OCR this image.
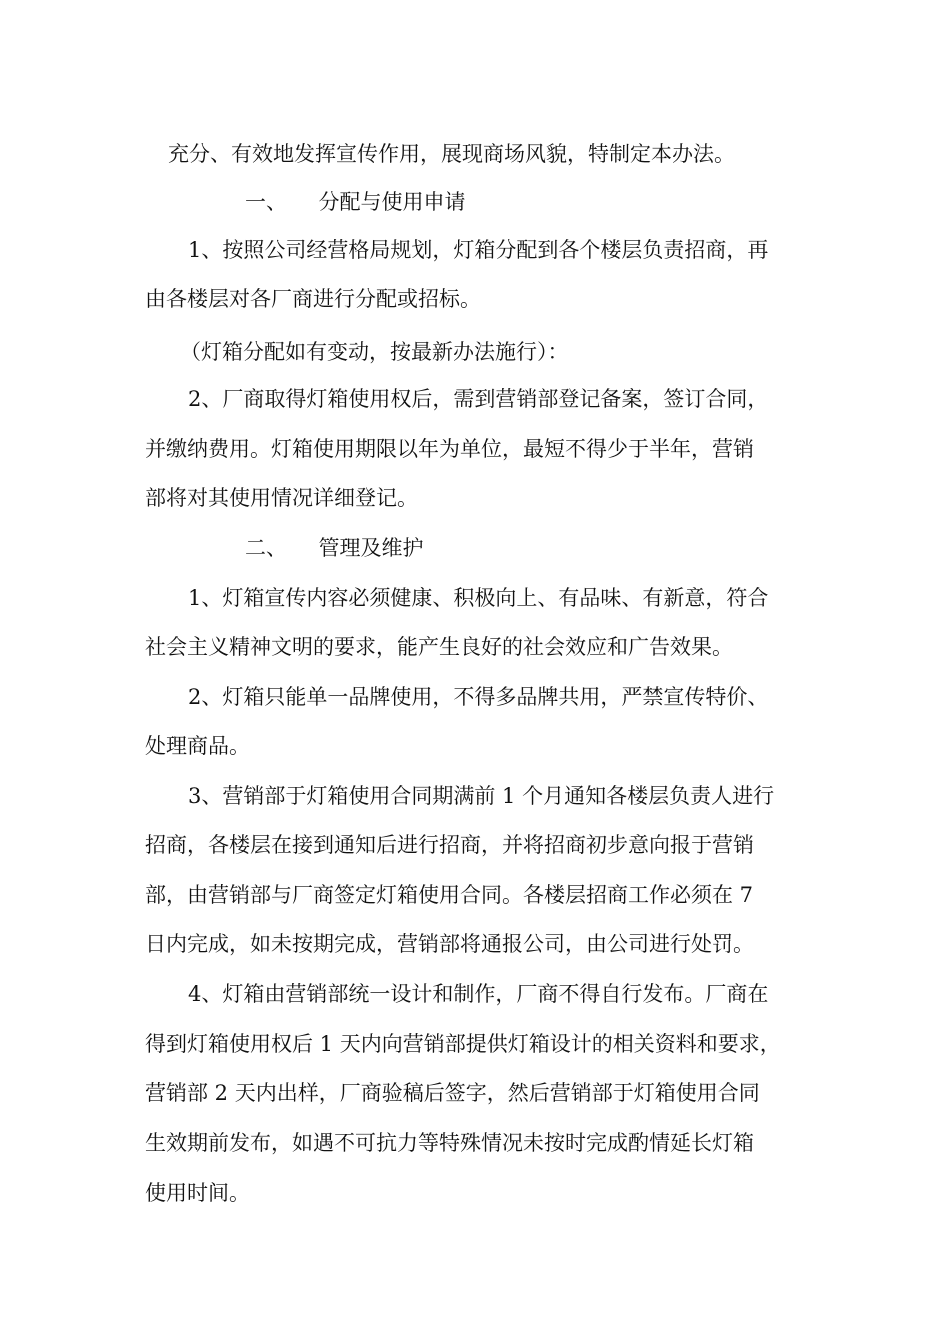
充分、有效地发挥宣传作用，展现商场风貌，特制定本办法。
一、　　分配与使用申请
1、按照公司经营格局规划，灯箱分配到各个楼层负责招商，再
由各楼层对各厂商进行分配或招标。
（灯箱分配如有变动，按最新办法施行）：
2、厂商取得灯箱使用权后，需到营销部登记备案，签订合同，
并缴纳费用。灯箱使用期限以年为单位，最短不得少于半年，营销
部将对其使用情况详细登记。
二、　　管理及维护
1、灯箱宣传内容必须健康、积极向上、有品味、有新意，符合
社会主义精神文明的要求，能产生良好的社会效应和广告效果。
2、灯箱只能单一品牌使用，不得多品牌共用，严禁宣传特价、
处理商品。
3、营销部于灯箱使用合同期满前 1 个月通知各楼层负责人进行
招商，各楼层在接到通知后进行招商，并将招商初步意向报于营销
部，由营销部与厂商签定灯箱使用合同。各楼层招商工作必须在 7
日内完成，如未按期完成，营销部将通报公司，由公司进行处罚。
4、灯箱由营销部统一设计和制作，厂商不得自行发布。厂商在
得到灯箱使用权后 1 天内向营销部提供灯箱设计的相关资料和要求，
营销部 2 天内出样，厂商验稿后签字，然后营销部于灯箱使用合同
生效期前发布，如遇不可抗力等特殊情况未按时完成酌情延长灯箱
使用时间。
